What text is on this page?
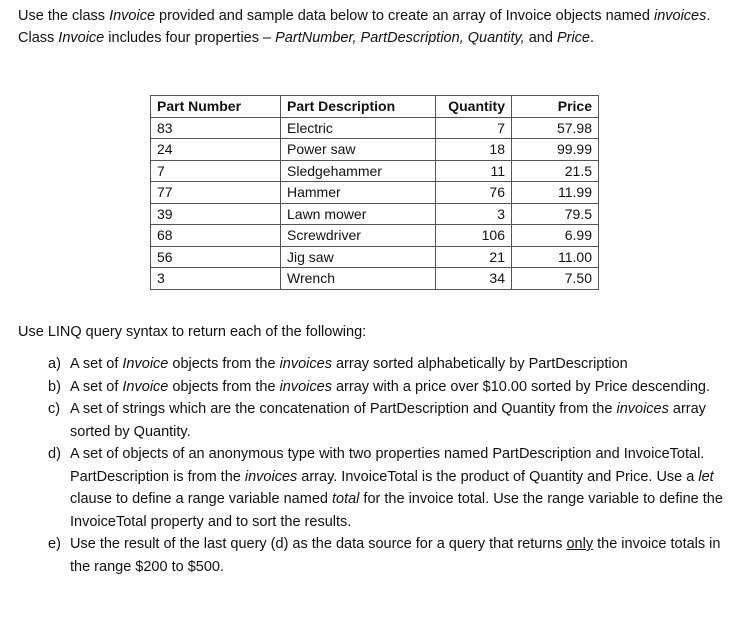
Use the class Invoice provided and sample data below to create an array of Invoice objects named invoices. Class Invoice includes four properties – PartNumber, PartDescription, Quantity, and Price.

Part Number	Part Description	Quantity	Price
83	Electric	7	57.98
24	Power saw	18	99.99
7	Sledgehammer	11	21.5
77	Hammer	76	11.99
39	Lawn mower	3	79.5
68	Screwdriver	106	6.99
56	Jig saw	21	11.00
3	Wrench	34	7.50

Use LINQ query syntax to return each of the following:

a) A set of Invoice objects from the invoices array sorted alphabetically by PartDescription
b) A set of Invoice objects from the invoices array with a price over $10.00 sorted by Price descending.
c) A set of strings which are the concatenation of PartDescription and Quantity from the invoices array sorted by Quantity.
d) A set of objects of an anonymous type with two properties named PartDescription and InvoiceTotal. PartDescription is from the invoices array. InvoiceTotal is the product of Quantity and Price. Use a let clause to define a range variable named total for the invoice total. Use the range variable to define the InvoiceTotal property and to sort the results.
e) Use the result of the last query (d) as the data source for a query that returns only the invoice totals in the range $200 to $500.
